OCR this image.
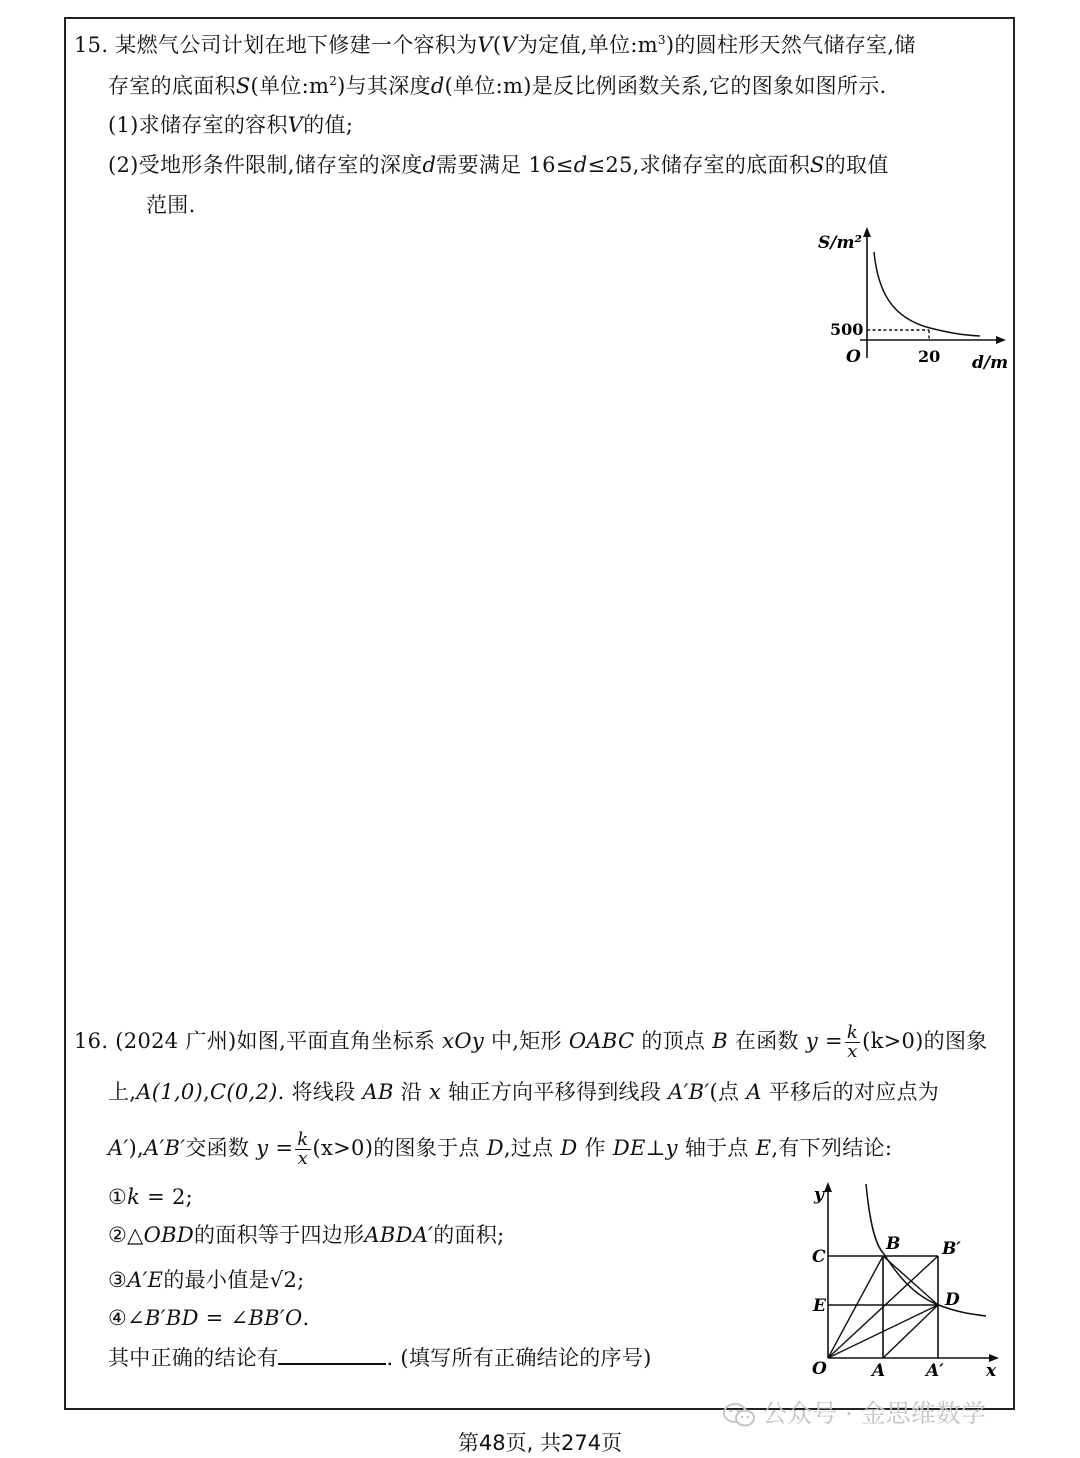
15. 某燃气公司计划在地下修建一个容积为V(V为定值,单位$:m^3$)的圆柱形天然气储存室,储
存室的底面积S(单位$:m^2$)与其深度d(单位:m)是反比例函数关系,它的图象如图所示.
(1)求储存室的容积V的值;
(2)受地形条件限制,储存室的深度d需要满足 16≤d≤25,求储存室的底面积S的取值
范围.
S/m²
500
O	20 d/m
16. (2024 广州)如图,平面直角坐标系 xOy 中,矩形 OABC 的顶点 B 在函数 $y = \frac{k}{x} (k>0)$的图象
上,A(1,0),C(0,2). 将线段 AB 沿 x 轴正方向平移得到线段 A′B′(点 A 平移后的对应点为
A′),A′B′交函数 $y = \frac{k}{x} (x>0)$的图象于点 D,过点 D 作 DE⊥y 轴于点 E,有下列结论:
①k = 2;
②△OBD的面积等于四边形ABDA′的面积;
③A′E的最小值是√2;
④∠B′BD = ∠BB′O.
其中正确的结论有	. (填写所有正确结论的序号)
y
C
E
O	A A′ x
B B′
D
公众号 · 金思维数学
第48页, 共274页
